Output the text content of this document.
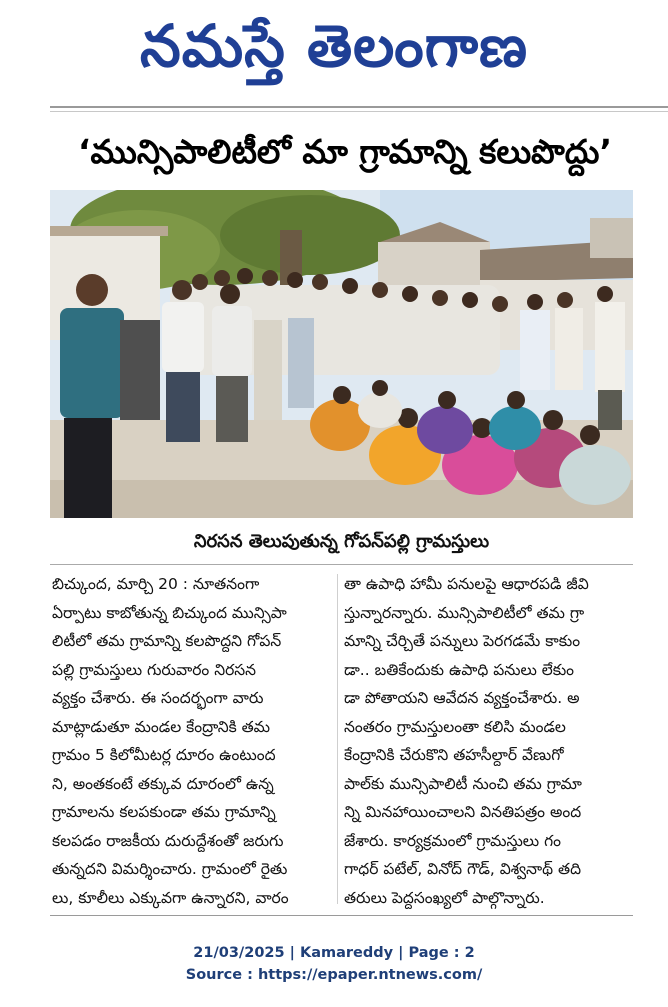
నమస్తే తెలంగాణ
‘మున్సిపాలిటీలో మా గ్రామాన్ని కలుపొద్దు’
నిరసన తెలుపుతున్న గోపన్‌పల్లి గ్రామస్తులు
బిచ్కుంద, మార్చి 20 : నూతనంగా
ఏర్పాటు కాబోతున్న బిచ్కుంద మున్సిపా
లిటీలో తమ గ్రామాన్ని కలపొద్దని గోపన్‌
పల్లి గ్రామస్తులు గురువారం నిరసన
వ్యక్తం చేశారు. ఈ సందర్భంగా వారు
మాట్లాడుతూ మండల కేంద్రానికి తమ
గ్రామం 5 కిలోమీటర్ల దూరం ఉంటుంద
ని, అంతకంటే తక్కువ దూరంలో ఉన్న
గ్రామాలను కలపకుండా తమ గ్రామాన్ని
కలపడం రాజకీయ దురుద్దేశంతో జరుగు
తున్నదని విమర్శించారు. గ్రామంలో రైతు
లు, కూలీలు ఎక్కువగా ఉన్నారని, వారం
తా ఉపాధి హామీ పనులపై ఆధారపడి జీవి
స్తున్నారన్నారు. మున్సిపాలిటీలో తమ గ్రా
మాన్ని చేర్చితే పన్నులు పెరగడమే కాకుం
డా.. బతికేందుకు ఉపాధి పనులు లేకుం
డా పోతాయని ఆవేదన వ్యక్తంచేశారు. అ
నంతరం గ్రామస్తులంతా కలిసి మండల
కేంద్రానికి చేరుకొని తహసీల్దార్‌ వేణుగో
పాల్‌కు మున్సిపాలిటీ నుంచి తమ గ్రామా
న్ని మినహాయించాలని వినతిపత్రం అంద
జేశారు. కార్యక్రమంలో గ్రామస్తులు గం
గాధర్‌ పటేల్‌, వినోద్‌ గౌడ్‌, విశ్వనాథ్‌ తది
తరులు పెద్దసంఖ్యలో పాల్గొన్నారు.
21/03/2025 | Kamareddy | Page : 2
Source : https://epaper.ntnews.com/
